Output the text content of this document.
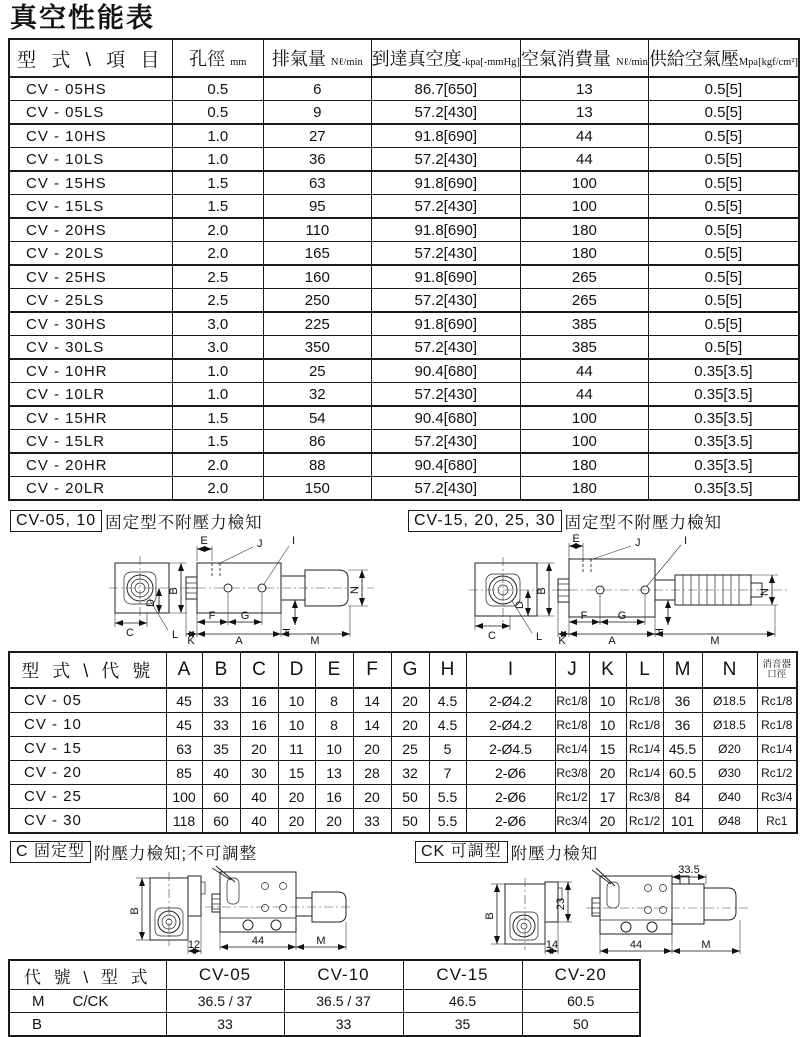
真空性能表
型 式 \ 項 目	孔徑 mm	排氣量 Nℓ/min	到達真空度-kpa[-mmHg]	空氣消費量 Nℓ/min	供給空氣壓Mpa[kgf/cm²]
CV - 05HS	0.5	6	86.7[650]	13	0.5[5]
CV - 05LS	0.5	9	57.2[430]	13	0.5[5]
CV - 10HS	1.0	27	91.8[690]	44	0.5[5]
CV - 10LS	1.0	36	57.2[430]	44	0.5[5]
CV - 15HS	1.5	63	91.8[690]	100	0.5[5]
CV - 15LS	1.5	95	57.2[430]	100	0.5[5]
CV - 20HS	2.0	110	91.8[690]	180	0.5[5]
CV - 20LS	2.0	165	57.2[430]	180	0.5[5]
CV - 25HS	2.5	160	91.8[690]	265	0.5[5]
CV - 25LS	2.5	250	57.2[430]	265	0.5[5]
CV - 30HS	3.0	225	91.8[690]	385	0.5[5]
CV - 30LS	3.0	350	57.2[430]	385	0.5[5]
CV - 10HR	1.0	25	90.4[680]	44	0.35[3.5]
CV - 10LR	1.0	32	57.2[430]	44	0.35[3.5]
CV - 15HR	1.5	54	90.4[680]	100	0.35[3.5]
CV - 15LR	1.5	86	57.2[430]	100	0.35[3.5]
CV - 20HR	2.0	88	90.4[680]	180	0.35[3.5]
CV - 20LR	2.0	150	57.2[430]	180	0.35[3.5]
CV-05, 10 固定型不附壓力檢知	CV-15, 20, 25, 30 固定型不附壓力檢知
B
D
C	L
E	J	I
N
H
F G
K	A	M
B
D
C	L
E	J	I
N
H
F	G
K	A	M
型 式 \ 代 號	A	B	C	D	E	F	G	H	I	J	K	L	M	N	消音器
口徑

CV - 05	45	33	16	10	8	14	20	4.5	2-Ø4.2	Rc1/8	10	Rc1/8	36	Ø18.5	Rc1/8
CV - 10	45	33	16	10	8	14	20	4.5	2-Ø4.2	Rc1/8	10	Rc1/8	36	Ø18.5	Rc1/8
CV - 15	63	35	20	11	10	20	25	5	2-Ø4.5	Rc1/4	15	Rc1/4	45.5	Ø20	Rc1/4
CV - 20	85	40	30	15	13	28	32	7	2-Ø6	Rc3/8	20	Rc1/4	60.5	Ø30	Rc1/2
CV - 25	100	60	40	20	16	20	50	5.5	2-Ø6	Rc1/2	17	Rc3/8	84	Ø40	Rc3/4
CV - 30	118	60	40	20	20	33	50	5.5	2-Ø6	Rc3/4	20	Rc1/2	101	Ø48	Rc1
C 固定型 附壓力檢知;不可調整	CK 可調型 附壓力檢知
B
12	44	M
33.5
B
23
14	44	M
代 號 \ 型 式	CV-05	CV-10	CV-15	CV-20
M C/CK	36.5 / 37	36.5 / 37	46.5	60.5
B	33	33	35	50
